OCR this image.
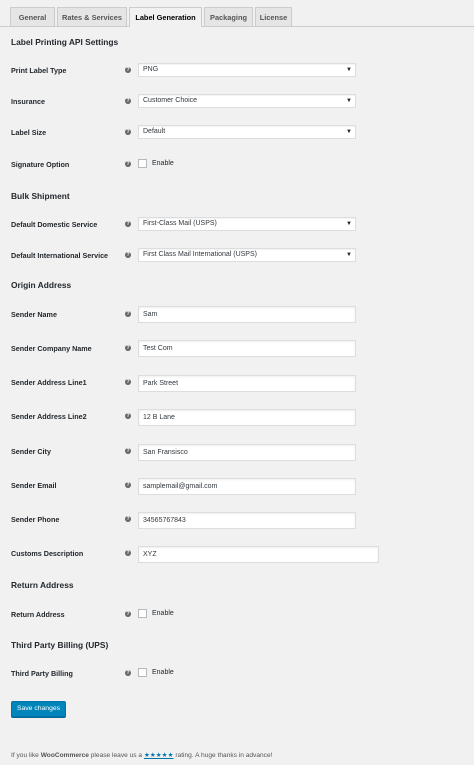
General	Rates & Services	Label Generation	Packaging	License
Label Printing API Settings
Print Label Type	?	PNG	▼
Insurance	?	Customer Choice	▼
Label Size	?	Default	▼
Signature Option	?	Enable
Bulk Shipment
Default Domestic Service	?	First-Class Mail (USPS)	▼
Default International Service	?	First Class Mail International (USPS)	▼
Origin Address
Sender Name	?	Sam
Sender Company Name	?	Test Com
Sender Address Line1	?	Park Street
Sender Address Line2	?	12 B Lane
Sender City	?	San Fransisco
Sender Email	?	samplemail@gmail.com
Sender Phone	?	34565767843
Customs Description	?	XYZ
Return Address
Return Address	?	Enable
Third Party Billing (UPS)
Third Party Billing	?	Enable
Save changes
If you like WooCommerce please leave us a ★★★★★ rating. A huge thanks in advance!
